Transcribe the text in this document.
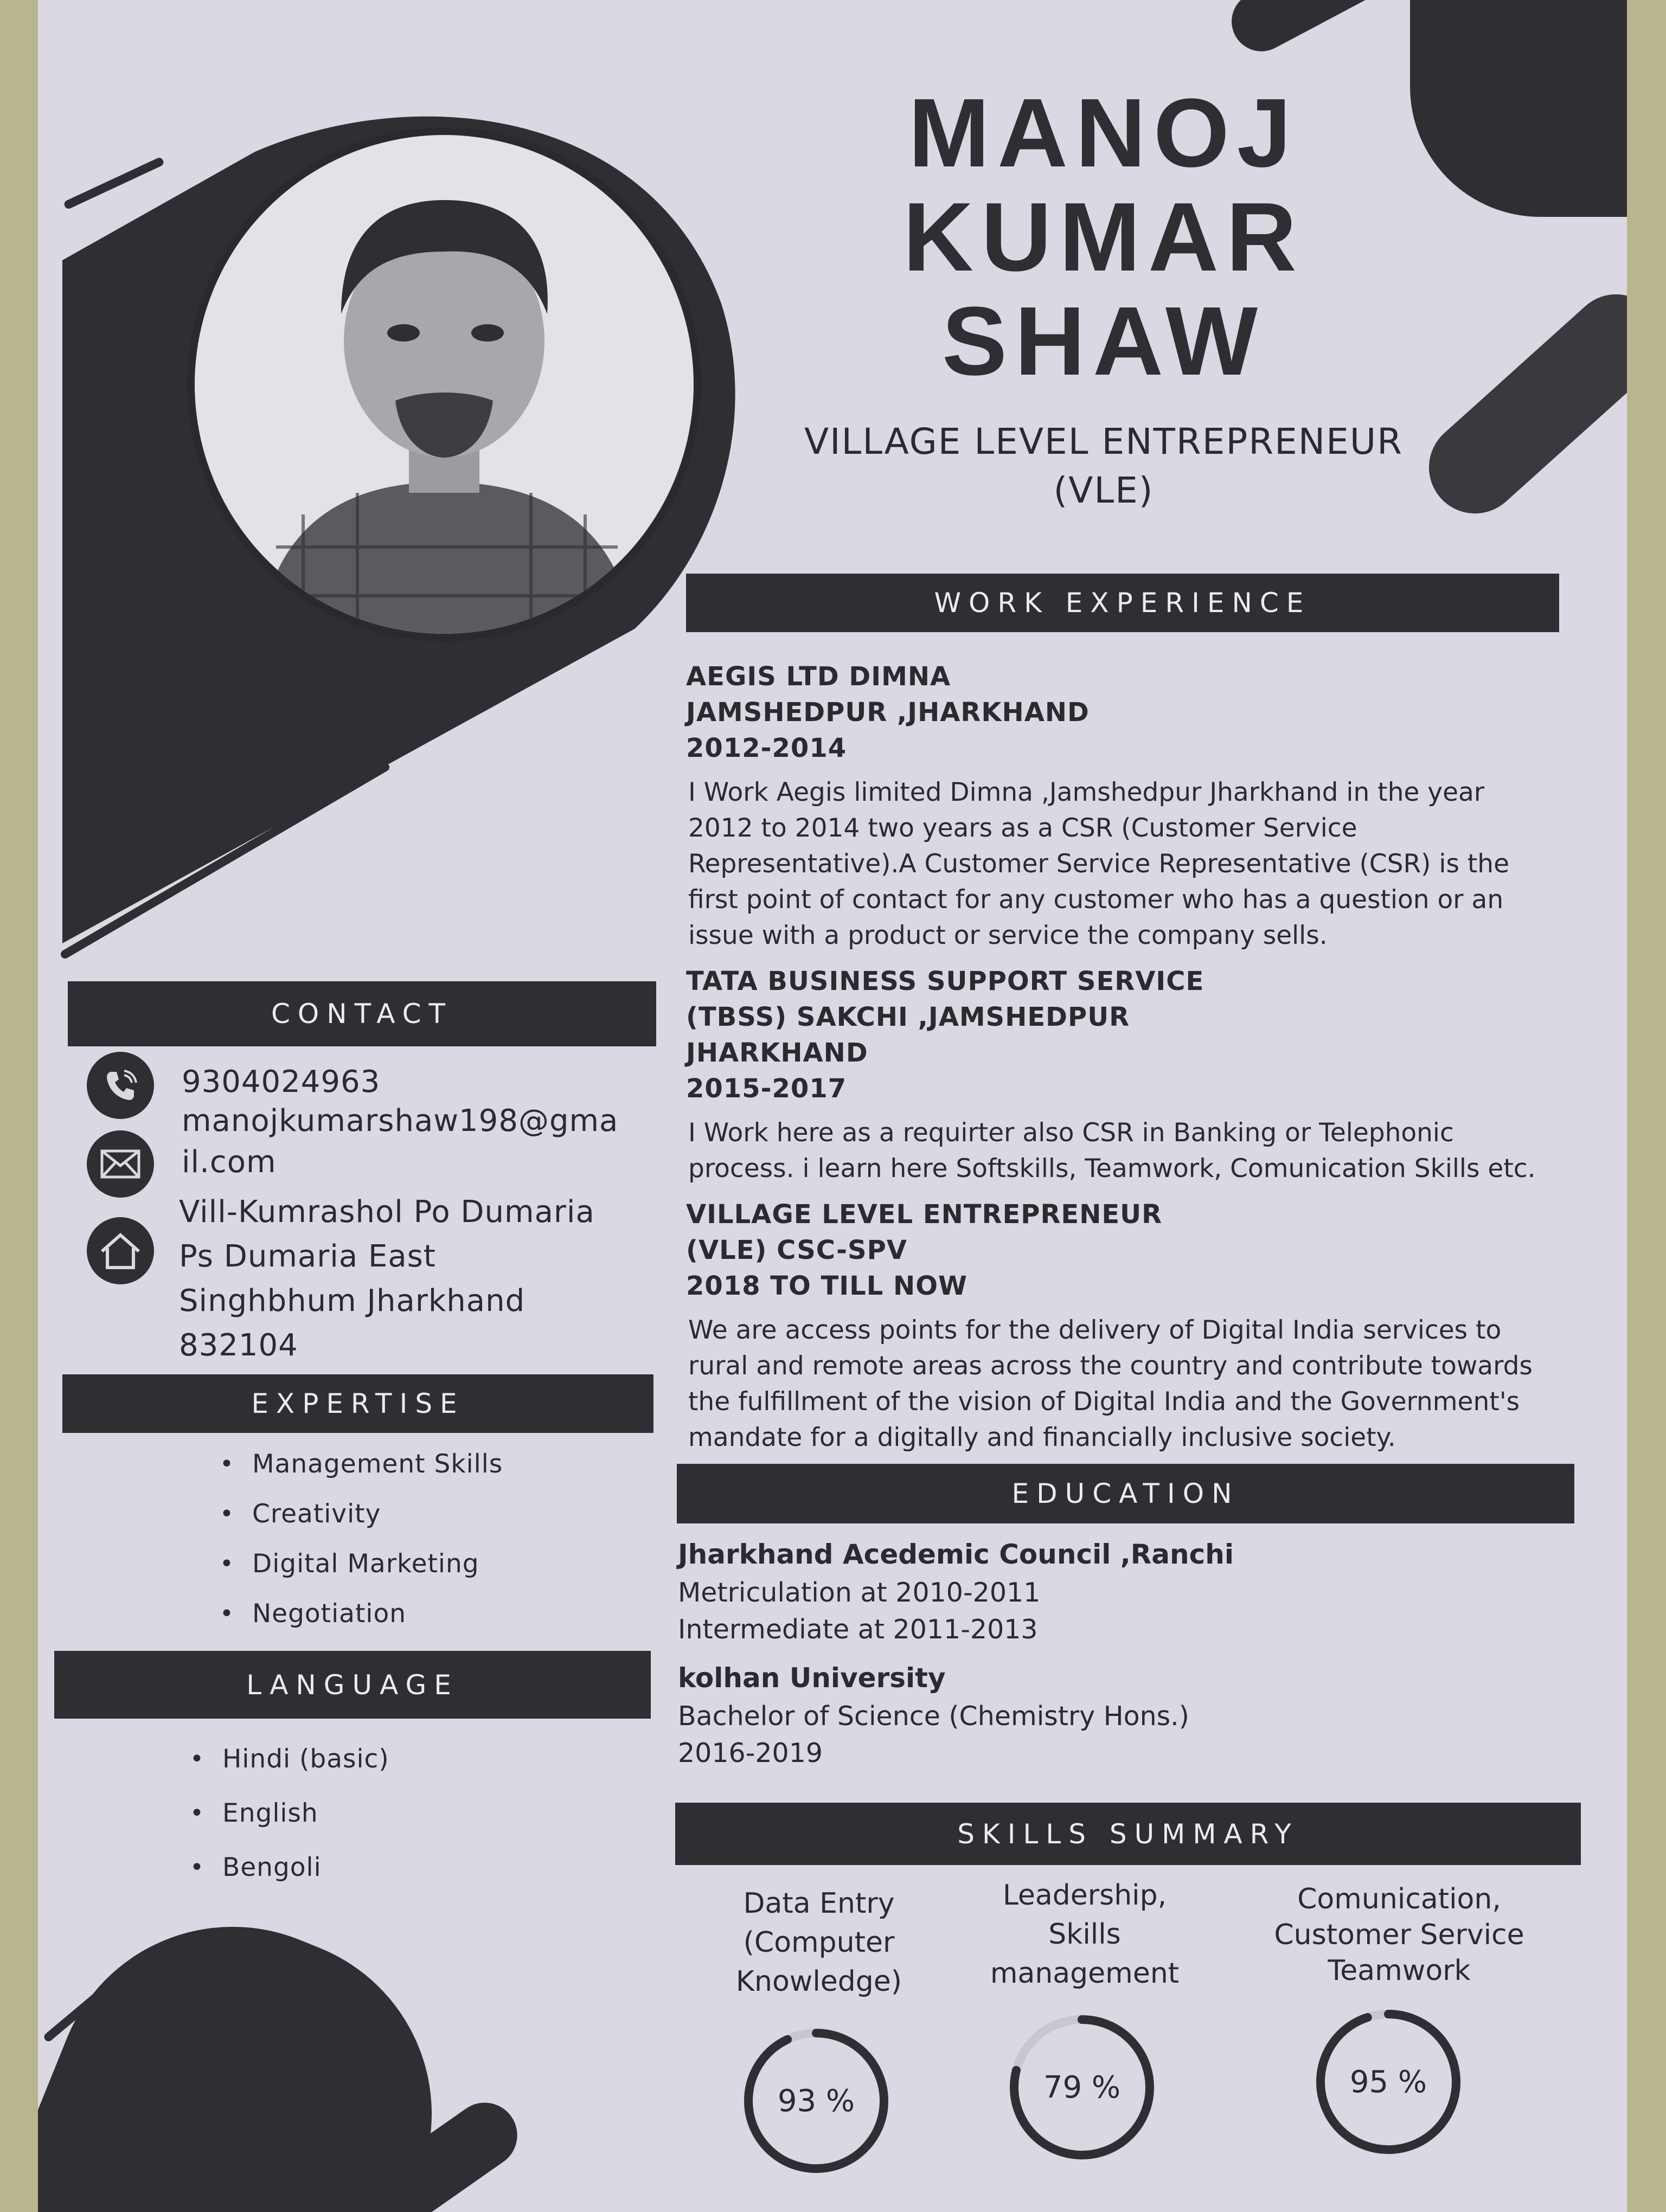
MANOJ
KUMAR
SHAW
VILLAGE LEVEL ENTREPRENEUR
(VLE)
WORK EXPERIENCE
AEGIS LTD DIMNA
JAMSHEDPUR ,JHARKHAND
2012-2014
I Work Aegis limited Dimna ,Jamshedpur Jharkhand in the year
2012 to 2014 two years as a CSR (Customer Service
Representative).A Customer Service Representative (CSR) is the
first point of contact for any customer who has a question or an
issue with a product or service the company sells.
TATA BUSINESS SUPPORT SERVICE
(TBSS) SAKCHI ,JAMSHEDPUR
JHARKHAND
2015-2017
I Work here as a requirter also CSR in Banking or Telephonic
process. i learn here Softskills, Teamwork, Comunication Skills etc.
VILLAGE LEVEL ENTREPRENEUR
(VLE) CSC-SPV
2018 TO TILL NOW
We are access points for the delivery of Digital India services to
rural and remote areas across the country and contribute towards
the fulfillment of the vision of Digital India and the Government's
mandate for a digitally and financially inclusive society.
CONTACT
9304024963
manojkumarshaw198@gma
il.com
Vill-Kumrashol Po Dumaria
Ps Dumaria East
Singhbhum Jharkhand
832104
EXPERTISE
• Management Skills
• Creativity
• Digital Marketing
• Negotiation
LANGUAGE
• Hindi (basic)
• English
• Bengoli
EDUCATION
Jharkhand Acedemic Council ,Ranchi
Metriculation at 2010-2011
Intermediate at 2011-2013
kolhan University
Bachelor of Science (Chemistry Hons.)
2016-2019
SKILLS SUMMARY
Data Entry
(Computer
Knowledge)
Leadership,
Skills
management
Comunication,
Customer Service
Teamwork
93 %	79 %	95 %
